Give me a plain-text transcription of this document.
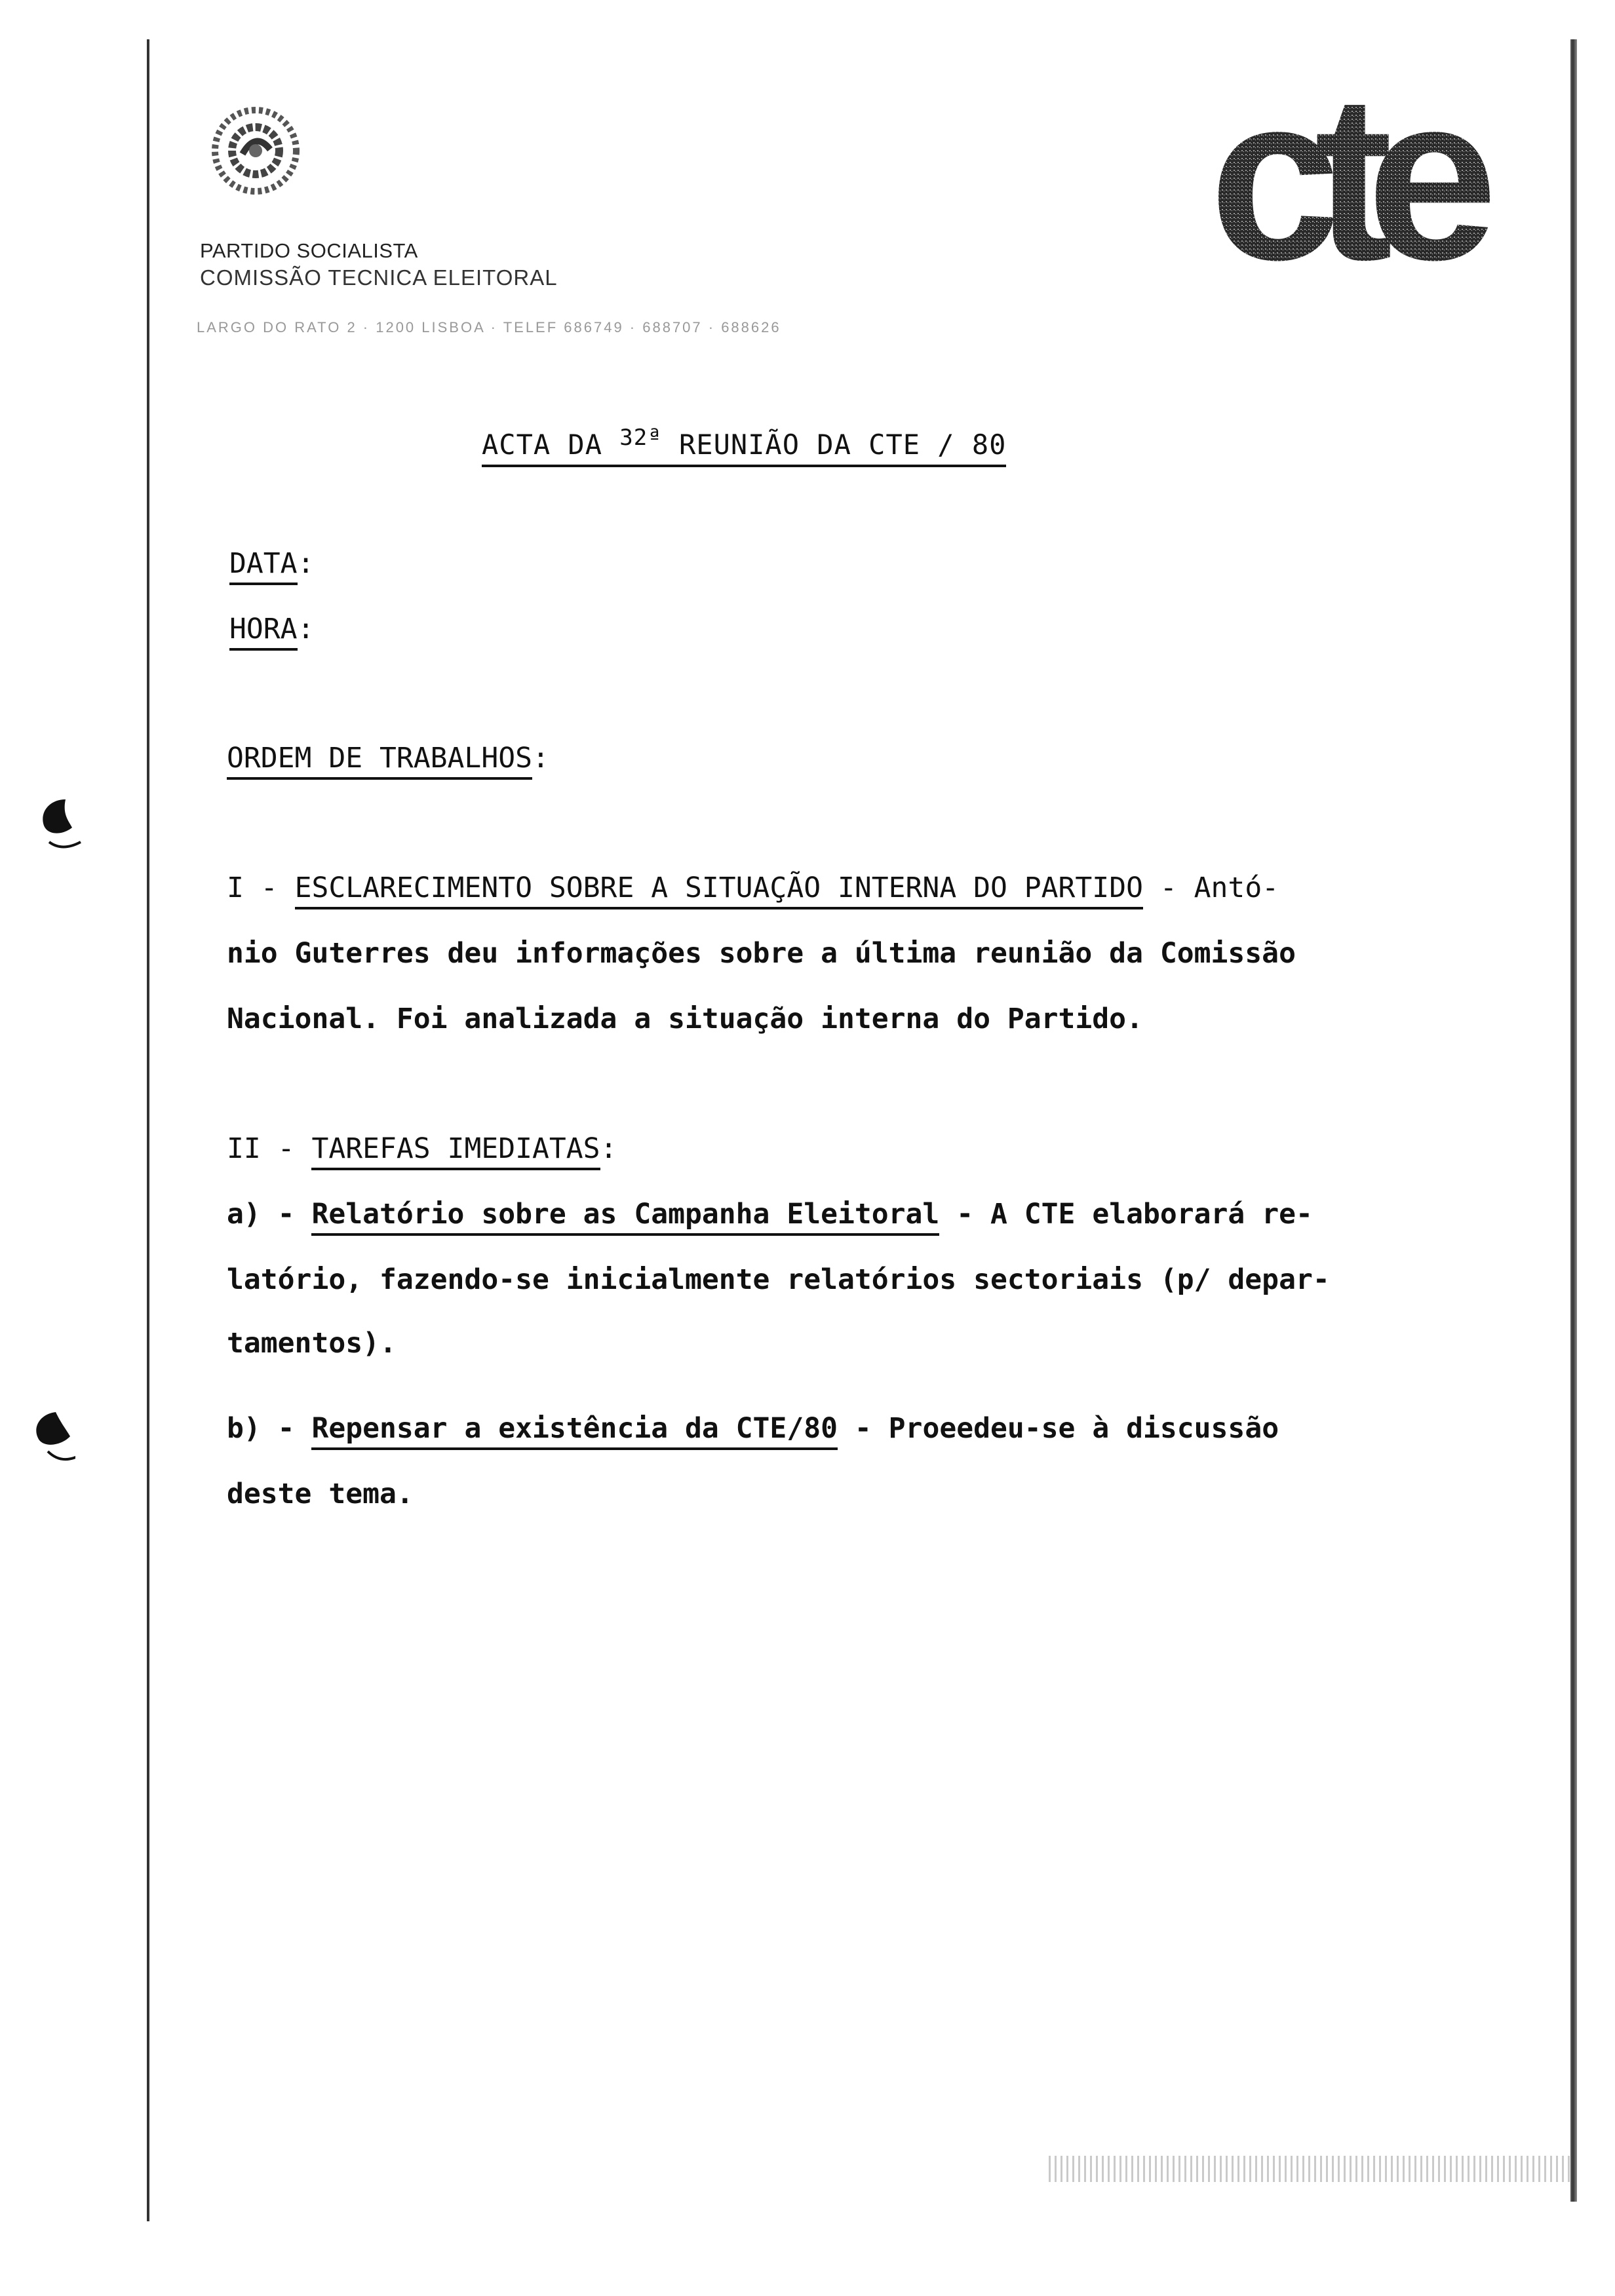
PARTIDO SOCIALISTA
COMISSÃO TECNICA ELEITORAL
LARGO DO RATO 2 · 1200 LISBOA · TELEF 686749 · 688707 · 688626
cte
ACTA DA $^{32ª}$ REUNIÃO DA CTE / 80
DATA:
HORA:
ORDEM DE TRABALHOS:
I - ESCLARECIMENTO SOBRE A SITUAÇÃO INTERNA DO PARTIDO - Antó-
nio Guterres deu informações sobre a última reunião da Comissão
Nacional. Foi analizada a situação interna do Partido.
II - TAREFAS IMEDIATAS:
a) - Relatório sobre as Campanha Eleitoral - A CTE elaborará re-
latório, fazendo-se inicialmente relatórios sectoriais (p/ depar-
tamentos).
b) - Repensar a existência da CTE/80 - Proeedeu-se à discussão
deste tema.
